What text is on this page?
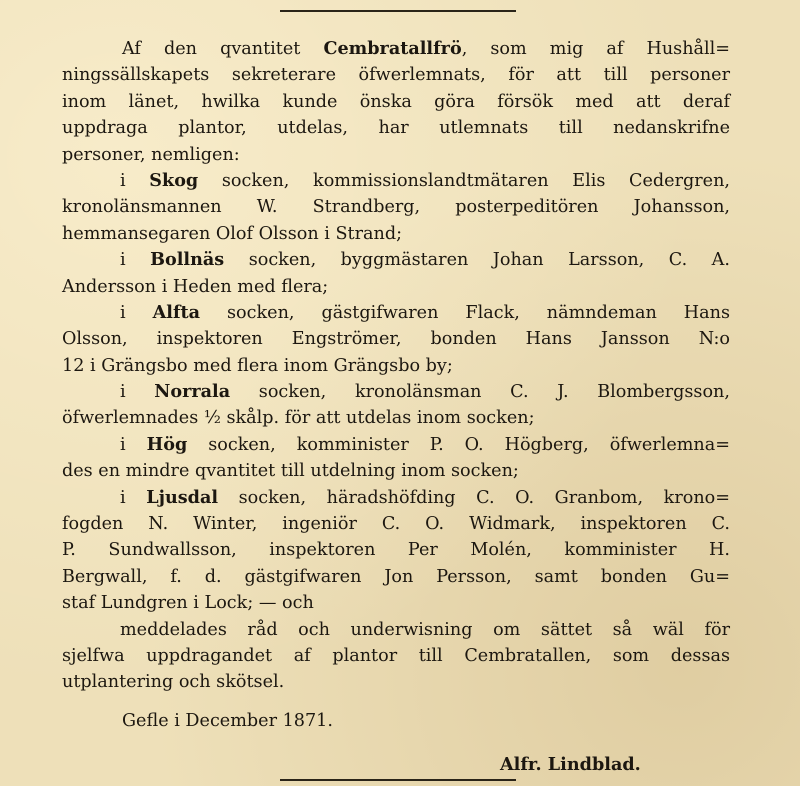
Af den qvantitet Cembratallfrö, som mig af Hushåll=
ningssällskapets sekreterare öfwerlemnats, för att till personer
inom länet, hwilka kunde önska göra försök med att deraf
uppdraga plantor, utdelas, har utlemnats till nedanskrifne
personer, nemligen:
i Skog socken, kommissionslandtmätaren Elis Cedergren,
kronolänsmannen W. Strandberg, posterpeditören Johansson,
hemmansegaren Olof Olsson i Strand;
i Bollnäs socken, byggmästaren Johan Larsson, C. A.
Andersson i Heden med flera;
i Alfta socken, gästgifwaren Flack, nämndeman Hans
Olsson, inspektoren Engströmer, bonden Hans Jansson N:o
12 i Grängsbo med flera inom Grängsbo by;
i Norrala socken, kronolänsman C. J. Blombergsson,
öfwerlemnades ½ skålp. för att utdelas inom socken;
i Hög socken, komminister P. O. Högberg, öfwerlemna=
des en mindre qvantitet till utdelning inom socken;
i Ljusdal socken, häradshöfding C. O. Granbom, krono=
fogden N. Winter, ingeniör C. O. Widmark, inspektoren C.
P. Sundwallsson, inspektoren Per Molén, komminister H.
Bergwall, f. d. gästgifwaren Jon Persson, samt bonden Gu=
staf Lundgren i Lock; — och
meddelades råd och underwisning om sättet så wäl för
sjelfwa uppdragandet af plantor till Cembratallen, som dessas
utplantering och skötsel.
Gefle i December 1871.
Alfr. Lindblad.
